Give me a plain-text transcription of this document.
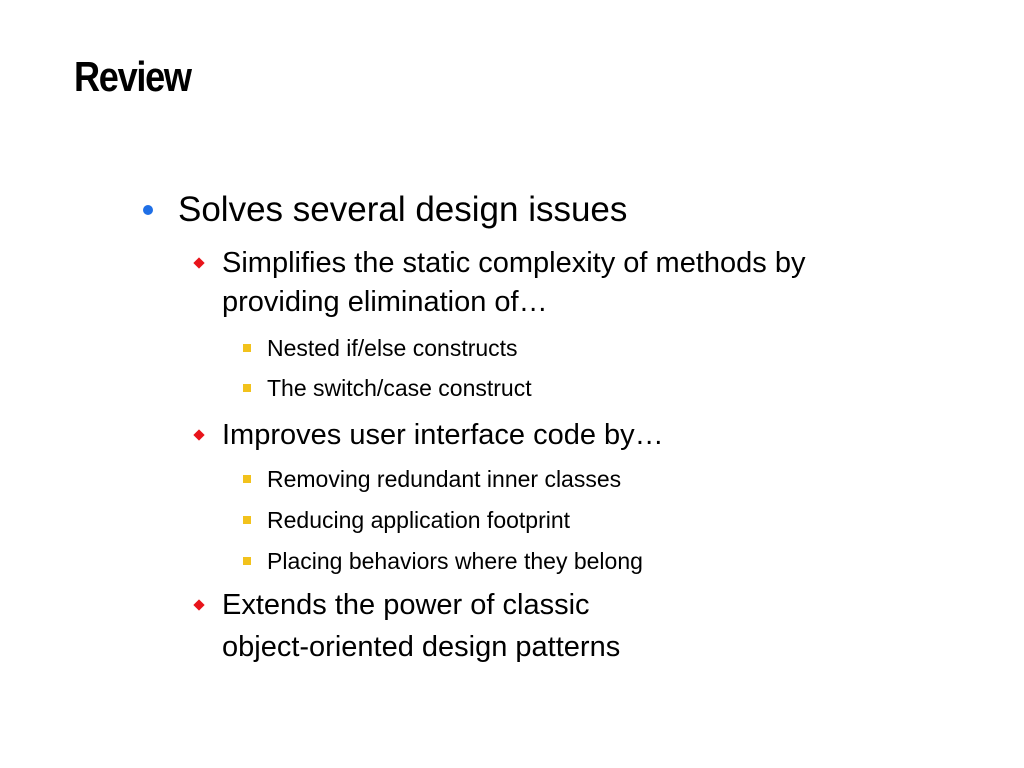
Review
Solves several design issues
Simplifies the static complexity of methods by
providing elimination of…
Nested if/else constructs
The switch/case construct
Improves user interface code by…
Removing redundant inner classes
Reducing application footprint
Placing behaviors where they belong
Extends the power of classic
object-oriented design patterns
